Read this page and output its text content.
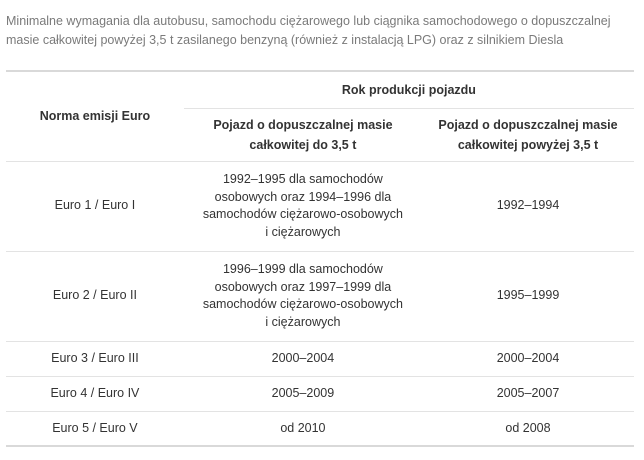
Minimalne wymagania dla autobusu, samochodu ciężarowego lub ciągnika samochodowego o dopuszczalnej masie całkowitej powyżej 3,5 t zasilanego benzyną (również z instalacją LPG) oraz z silnikiem Diesla
Norma emisji Euro	Rok produkcji pojazdu	
	Pojazd o dopuszczalnej masie całkowitej do 3,5 t	Pojazd o dopuszczalnej masie całkowitej powyżej 3,5 t
Euro 1 / Euro I	1992–1995 dla samochodów osobowych oraz 1994–1996 dla samochodów ciężarowo-osobowych i ciężarowych	1992–1994
Euro 2 / Euro II	1996–1999 dla samochodów osobowych oraz 1997–1999 dla samochodów ciężarowo-osobowych i ciężarowych	1995–1999
Euro 3 / Euro III	2000–2004	2000–2004
Euro 4 / Euro IV	2005–2009	2005–2007
Euro 5 / Euro V	od 2010	od 2008
